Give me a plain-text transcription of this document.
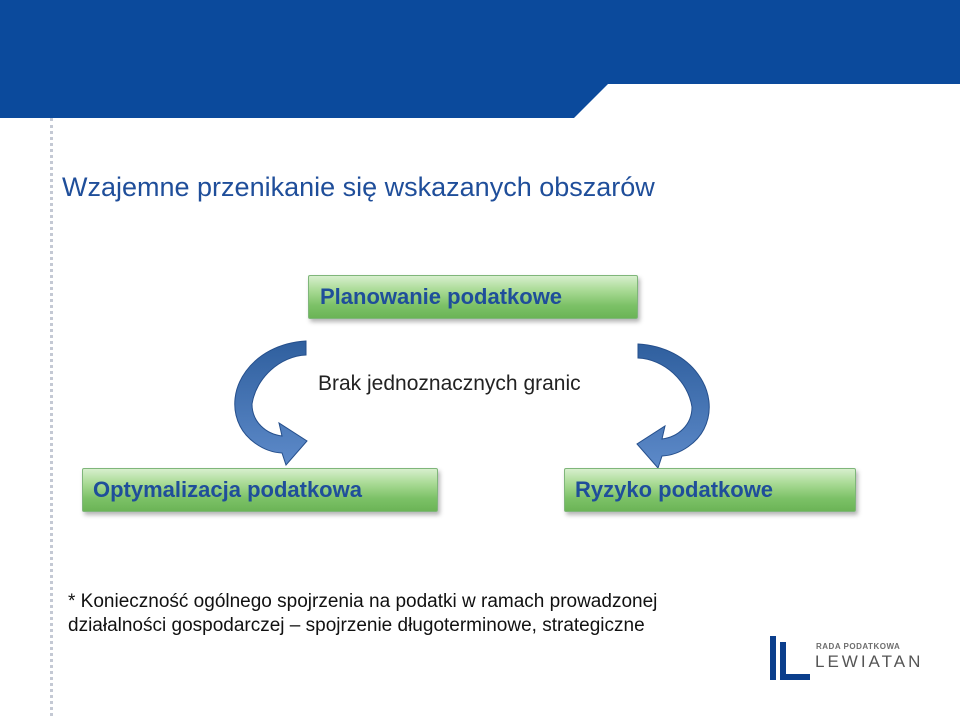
Wzajemne przenikanie się wskazanych obszarów
Planowanie podatkowe
Brak jednoznacznych granic
Optymalizacja podatkowa	Ryzyko podatkowe

* Konieczność ogólnego spojrzenia na podatki w ramach prowadzonej
działalności gospodarczej – spojrzenie długoterminowe, strategiczne

RADA PODATKOWA
LEWIATAN
